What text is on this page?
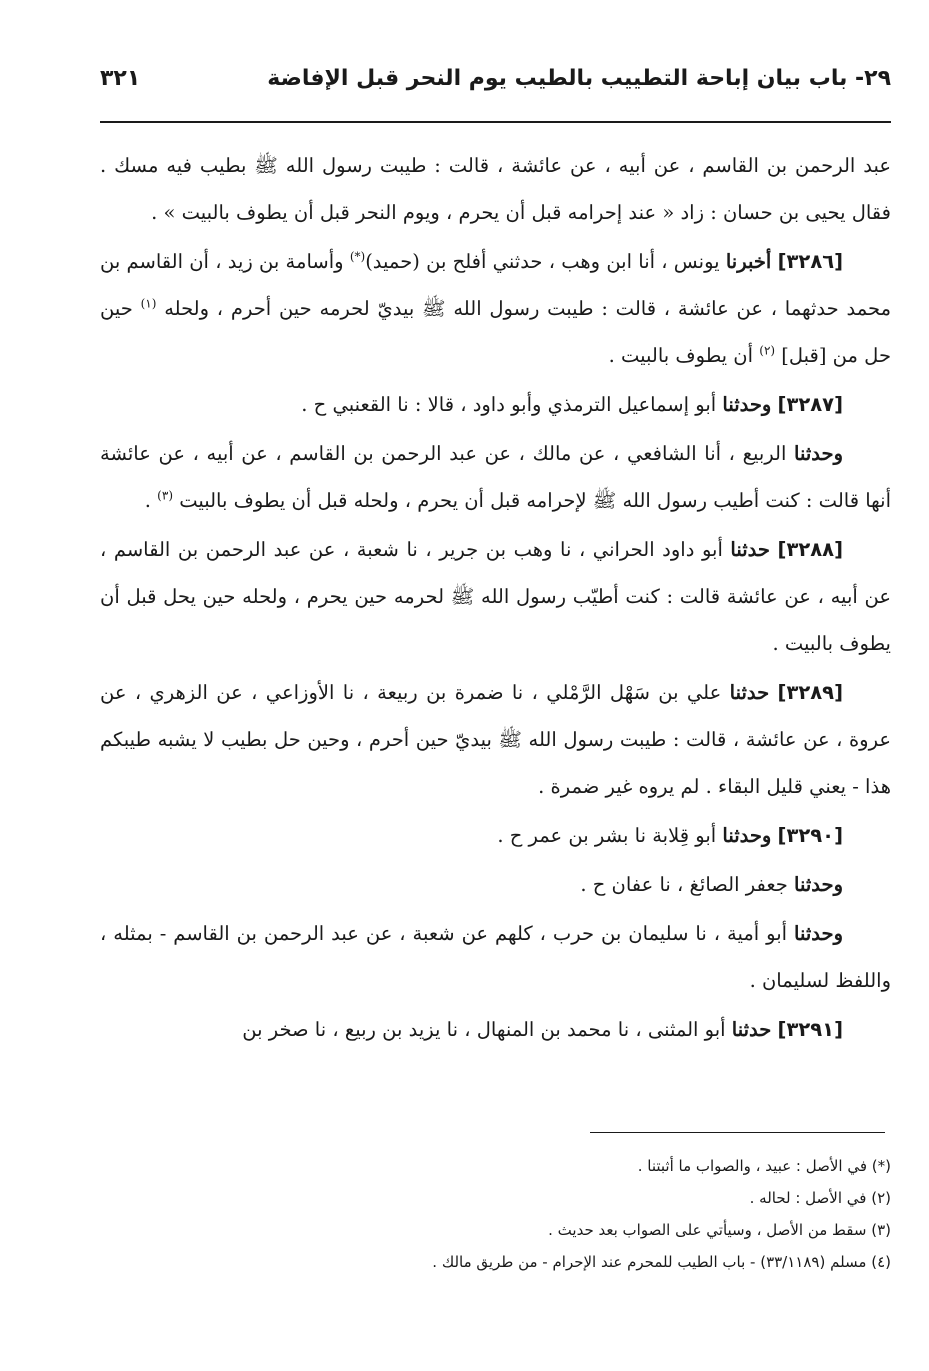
٢٩- باب بيان إباحة التطييب بالطيب يوم النحر قبل الإفاضة
٣٢١

عبد الرحمن بن القاسم ، عن أبيه ، عن عائشة ، قالت : طيبت رسول الله ﷺ بطيب فيه مسك . فقال يحيى بن حسان : زاد « عند إحرامه قبل أن يحرم ، ويوم النحر قبل أن يطوف بالبيت » .

[٣٢٨٦] أخبرنا يونس ، أنا ابن وهب ، حدثني أفلح بن (حميد)(*) وأسامة بن زيد ، أن القاسم بن محمد حدثهما ، عن عائشة ، قالت : طيبت رسول الله ﷺ بيديّ لحرمه حين أحرم ، ولحله $^{(١)}$ حين حل من [قبل] $^{(٢)}$ أن يطوف بالبيت .

[٣٢٨٧] وحدثنا أبو إسماعيل الترمذي وأبو داود ، قالا : نا القعنبي ح .

وحدثنا الربيع ، أنا الشافعي ، عن مالك ، عن عبد الرحمن بن القاسم ، عن أبيه ، عن عائشة أنها قالت : كنت أطيب رسول الله ﷺ لإحرامه قبل أن يحرم ، ولحله قبل أن يطوف بالبيت $^{(٣)}$ .

[٣٢٨٨] حدثنا أبو داود الحراني ، نا وهب بن جرير ، نا شعبة ، عن عبد الرحمن بن القاسم ، عن أبيه ، عن عائشة قالت : كنت أطيّب رسول الله ﷺ لحرمه حين يحرم ، ولحله حين يحل قبل أن يطوف بالبيت .

[٣٢٨٩] حدثنا علي بن سَهْل الرَّمْلي ، نا ضمرة بن ربيعة ، نا الأوزاعي ، عن الزهري ، عن عروة ، عن عائشة ، قالت : طيبت رسول الله ﷺ بيديّ حين أحرم ، وحين حل بطيب لا يشبه طيبكم هذا - يعني قليل البقاء . لم يروه غير ضمرة .

[٣٢٩٠] وحدثنا أبو قِلابة نا بشر بن عمر ح .

وحدثنا جعفر الصائغ ، نا عفان ح .

وحدثنا أبو أمية ، نا سليمان بن حرب ، كلهم عن شعبة ، عن عبد الرحمن بن القاسم - بمثله ، واللفظ لسليمان .

[٣٢٩١] حدثنا أبو المثنى ، نا محمد بن المنهال ، نا يزيد بن ربيع ، نا صخر بن

(*) في الأصل : عبيد ، والصواب ما أثبتنا .

(٢) في الأصل : لحاله .

(٣) سقط من الأصل ، وسيأتي على الصواب بعد حديث .

(٤) مسلم (٣٣/١١٨٩) - باب الطيب للمحرم عند الإحرام - من طريق مالك .
